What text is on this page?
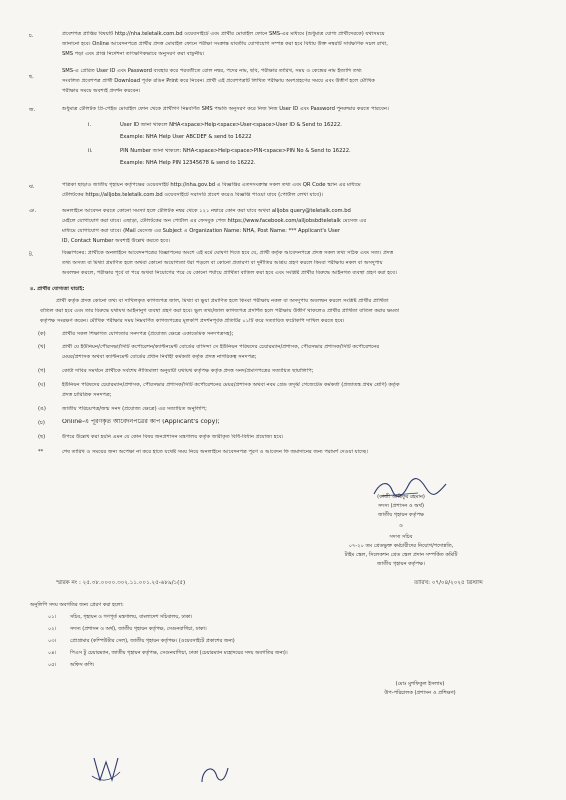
চ.	প্রবেশপত্র প্রাপ্তির বিষয়টি http://nha.teletalk.com.bd ওয়েবসাইটে এবং প্রার্থীর মোবাইল ফোনে SMS-এর মাধ্যমে (শুধুমাত্র যোগ্য প্রার্থীদেরকে) যথাসময়ে
জানানো হবে। Online আবেদনপত্রে প্রার্থীর প্রদত্ত মোবাইল ফোনে পরীক্ষা সংক্রান্ত যাবতীয় যোগাযোগ সম্পন্ন করা হবে বিধায় উক্ত নম্বরটি সার্বক্ষণিক সচল রাখা,
SMS পড়া এবং প্রাপ্ত নির্দেশনা তাৎক্ষণিকভাবে অনুসরণ করা বাঞ্ছনীয়।
ছ.
SMS-এ প্রেরিত User ID এবং Password ব্যবহার করে পরবর্তীতে রোল নম্বর, পদের নাম, ছবি, পরীক্ষার তারিখ, সময় ও কেন্দ্রের নাম ইত্যাদি তথ্য
সংবলিত প্রবেশপত্র প্রার্থী Download পূর্বক রঙিন Print করে নিবেন। প্রার্থী এই প্রবেশপত্রটি লিখিত পরীক্ষায় অংশগ্রহণের সময়ে এবং উত্তীর্ণ হলে মৌখিক
পরীক্ষার সময়ে অবশ্যই প্রদর্শন করবেন।
জ.	শুধুমাত্র টেলিটক প্রি-পেইড মোবাইল ফোন থেকে প্রার্থীগণ নিম্নবর্ণিত SMS পদ্ধতি অনুসরণ করে নিজ নিজ User ID এবং Password পুনরুদ্ধার করতে পারবেন।
i.	User ID জানা থাকলে NHA<space>Help<space>User<space>User ID & Send to 16222.
Example: NHA Help User ABCDEF & send to 16222
ii.	PIN Number জানা থাকলে: NHA<space>Help<space>PIN<space>PIN No & Send to 16222.
Example: NHA Help PIN 12345678 & send to 16222.
ঝ.	পত্রিকা ছাড়াও জাতীয় গৃহায়ন কর্তৃপক্ষের ওয়েবসাইট http://nha.gov.bd এ বিজ্ঞপ্তির এতদসংক্রান্ত সকল তথ্য এবং QR Code স্ক্যান এর মাধ্যমে
টেলিটকের https://alljobs.teletalk.com.bd ওয়েবসাইটে সরাসরি প্রবেশ করেও বিজ্ঞপ্তি পাওয়া যাবে (পোর্টাল লেখা যাবে)।
ঞ.	অনলাইনে আবেদন করতে কোনো সমস্যা হলে টেলিটক নম্বর থেকে ১২১ নম্বারে কোন করা যাবে অথবা alljobs query@teletalk.com.bd
মেইলে যোগাযোগ করা যাবে। এছাড়া, টেলিটকের অন পোর্টাল এর ফেসবুক পেজ https://www.facebook.com/alljobsbdteletalk মেসেজ এর
মাধ্যমে যোগাযোগ করা যাবে। (Mail মেসেজ এর Subject এ Organization Name: NHA, Post Name: *** Applicant's User
ID, Contact Number অবশ্যই উল্লেখ করতে হবে।
ট.	বিজ্ঞাপনের: প্রার্থীকে অনলাইনে আবেদনপত্রের বিজ্ঞাপনের অংশে এই মর্মে ঘোষণা দিতে হবে যে, প্রার্থী কর্তৃক আবেদনপত্রে প্রদত্ত সকল তথ্য সঠিক এবং সত্য। প্রদত্ত
তথ্য অসত্য বা মিথ্যা প্রমাণিত হলে অথবা কোনো অযোগ্যতা ধরা পড়লে বা কোনো প্রতারণা বা দুর্নীতির আশ্রয় গ্রহণ করলে কিংবা পরীক্ষায় নকল বা অসদুপায়
অবলম্বন করলে, পরীক্ষার পূর্বে বা পরে অথবা নিয়োগের পরে যে কোনো পর্যায়ে প্রার্থিতা বাতিল করা হবে এবং সংশ্লিষ্ট প্রার্থীর বিরুদ্ধে আইনগত ব্যবস্থা গ্রহণ করা হবে।
৪. প্রার্থীর যোগ্যতা যাচাই:
প্রার্থী কর্তৃক প্রদত্ত কোনো তথ্য বা দাখিলকৃত কাগজপত্র জাল, মিথ্যা বা ভুয়া প্রমাণিত হলে কিংবা পরীক্ষায় নকল বা অসদুপায় অবলম্বন করলে সংশ্লিষ্ট প্রার্থীর প্রার্থিতা
বাতিল করা হবে এবং তার বিরুদ্ধে যথাযথ আইনানুগ ব্যবস্থা গ্রহণ করা হবে। ভুল তথ্য/জাল কাগজপত্র প্রদর্শিত হলে পরীক্ষায় উত্তীর্ণ থাকলেও প্রার্থীর প্রার্থিতা বাতিল করার ক্ষমতা
কর্তৃপক্ষ সংরক্ষণ করেন। মৌখিক পরীক্ষার সময় নিম্নবর্ণিত কাগজপত্রের মূলকপি প্রদর্শনপূর্বক প্রতিটির ০১টি করে সত্যায়িত ফটোকপি দাখিল করতে হবে।
(ক)	প্রার্থীর সকল শিক্ষাগত যোগ্যতার সনদপত্র (প্রযোজ্য ক্ষেত্রে একাডেমিক সনদপত্রসহ);
(খ)	প্রার্থী যে ইউনিয়ন/পৌরসভা/সিটি কর্পোরেশন/ক্যান্টনমেন্ট বোর্ডের বাসিন্দা সে ইউনিয়ন পরিষদের চেয়ারম্যান/প্রশাসক, পৌরসভার প্রশাসক/সিটি কর্পোরেশনের
মেয়র/প্রশাসক অথবা ক্যান্টনমেন্ট বোর্ডের প্রধান নির্বাহী কর্মকর্তা কর্তৃক প্রদত্ত নাগরিকত্ব সনদপত্র;
(গ)	কোটা দাবির সমর্থনে প্রার্থীকে সর্বশেষ নীতিমালা অনুযায়ী যথাযথ কর্তৃপক্ষ কর্তৃক প্রদত্ত সনদ/প্রমাণপত্রের সত্যায়িত ছায়ালিপি;
(ঘ)	ইউনিয়ন পরিষদের চেয়ারম্যান/প্রশাসক, পৌরসভার প্রশাসক/সিটি কর্পোরেশনের মেয়র/প্রশাসক অথবা নবম গ্রেড তদূর্ধ্ব গেজেটেড কর্মকর্তা (প্রজাতন্ত্র প্রথম শ্রেণি) কর্তৃক
প্রদত্ত চারিত্রিক সনদপত্র;
(ঙ)	জাতীয় পরিচয়পত্র/জন্ম সনদ (প্রযোজ্য ক্ষেত্রে) এর সত্যায়িত অনুলিপি;
(চ)	Online-এ পূরণকৃত আবেদনপত্রের কপি (Applicant's copy);
(ছ)	উপরে উল্লেখ করা হয়নি এমন যে কোন বিষয় জনপ্রশাসন মন্ত্রণালয় কর্তৃক জারীকৃত বিধি-বিধান প্রযোজ্য হবে।
**	শেষ তারিখ ও সময়ের জন্য অপেক্ষা না করে হাতে যথেষ্ট সময় নিয়ে অনলাইনে আবেদনপত্র পূরণ ও আবেদন ফি জমাদানের জন্য পরামর্শ দেওয়া যাচ্ছে।
(কাজী আরিফুর রহমান)
সদস্য (প্রশাসন ও অর্থ)
জাতীয় গৃহায়ন কর্তৃপক্ষ
ও
সদস্য সচিব
০৭-২০ তম গ্রেডভুক্ত কর্মচারীদের নিয়োগ/পদোন্নতি,
টাইম স্কেল, সিলেকশন গ্রেড স্কেল প্রদান সম্পর্কিত কমিটি
জাতীয় গৃহায়ন কর্তৃপক্ষ।
স্মারক নং : ২৫.৩৮.০০০০.৩০২.১১.০০১.২৫-৬৮৯/১(৫)	তারিখ: ০৭/০৪/২০২৫ খ্রিস্টাব্দ
অনুলিপি সদয় অবগতির জন্য প্রেরণ করা হলো:
০১।	সচিব, গৃহায়ন ও গণপূর্ত মন্ত্রণালয়, বাংলাদেশ সচিবালয়, ঢাকা।
০২।	সদস্য (প্রশাসন ও অর্থ), জাতীয় গৃহায়ন কর্তৃপক্ষ, সেগুনবাগিচা, ঢাকা।
০৩।	প্রোগ্রামার (কম্পিউটার সেল), জাতীয় গৃহায়ন কর্তৃপক্ষ। (ওয়েবসাইটে প্রকাশের জন্য)
০৪।	পিএস টু চেয়ারম্যান, জাতীয় গৃহায়ন কর্তৃপক্ষ, সেগুনবাগিচা, ঢাকা (চেয়ারম্যান মহোদয়ের সদয় অবগতির জন্য)।
০৫।	অফিস কপি।
(মোঃ মুশফিকুল ইসলাম)
উপ-পরিচালক (প্রশাসন ও প্রশিক্ষণ)
